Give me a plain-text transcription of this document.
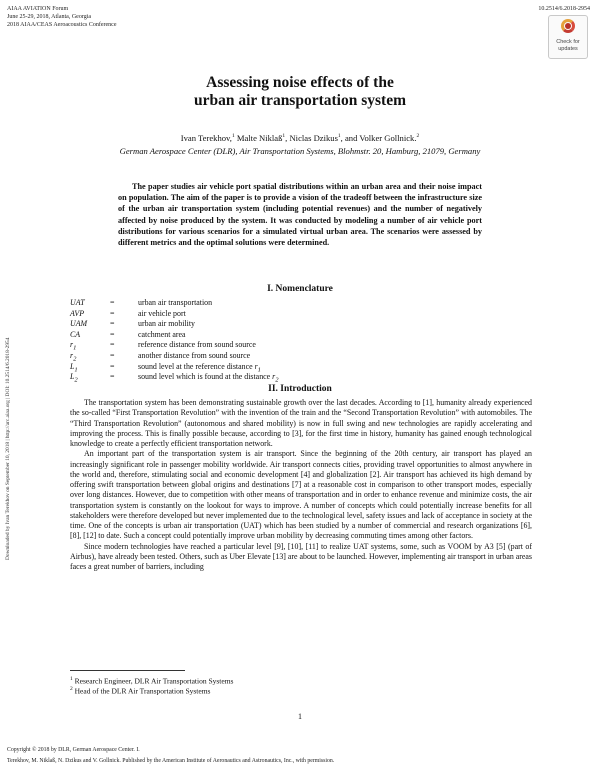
AIAA AVIATION Forum
June 25-29, 2018, Atlanta, Georgia
2018 AIAA/CEAS Aeroacoustics Conference
10.2514/6.2018-2954
Check for
updates
Downloaded by Ivan Terekhov on September 10, 2018 | http://arc.aiaa.org | DOI: 10.2514/6.2018-2954
Assessing noise effects of the
urban air transportation system
Ivan Terekhov,$^1$ Malte Niklaß$^1$, Niclas Dzikus$^1$, and Volker Gollnick.$^2$
German Aerospace Center (DLR), Air Transportation Systems, Blohmstr. 20, Hamburg, 21079, Germany
The paper studies air vehicle port spatial distributions within an urban area and their noise impact on population. The aim of the paper is to provide a vision of the tradeoff between the infrastructure size of the urban air transportation system (including potential revenues) and the number of negatively affected by noise produced by the system. It was conducted by modeling a number of air vehicle port distributions for various scenarios for a simulated virtual urban area. The scenarios were assessed by different metrics and the optimal solutions were determined.
I. Nomenclature
UAT	=	urban air transportation
AVP	=	air vehicle port
UAM	=	urban air mobility
CA	=	catchment area
$r_1$	=	reference distance from sound source
$r_2$	=	another distance from sound source
$L_1$	=	sound level at the reference distance $r_1$
$L_2$	=	sound level which is found at the distance $r_2$
II. Introduction

The transportation system has been demonstrating sustainable growth over the last decades. According to [1], humanity already experienced the so-called “First Transportation Revolution” with the invention of the train and the “Second Transportation Revolution” with automobiles. The “Third Transportation Revolution” (autonomous and shared mobility) is now in full swing and new technologies are rapidly accelerating and improving the process. This is finally possible because, according to [3], for the first time in history, humanity has gained enough technological knowledge to create a perfectly efficient transportation network.

An important part of the transportation system is air transport. Since the beginning of the 20th century, air transport has played an increasingly significant role in passenger mobility worldwide. Air transport connects cities, providing travel opportunities to almost anywhere in the world and, therefore, stimulating social and economic development [4] and globalization [2]. Air transport has achieved its high demand by offering swift transportation between global origins and destinations [7] at a reasonable cost in comparison to other transport modes, especially over long distances. However, due to competition with other means of transportation and in order to enhance revenue and minimize costs, the air transportation system is constantly on the lookout for ways to improve. A number of concepts which could potentially increase benefits for all stakeholders were therefore developed but never implemented due to the technological level, safety issues and lack of acceptance in society at the time. One of the concepts is urban air transportation (UAT) which has been studied by a number of commercial and research organizations [6], [8], [12] to date. Such a concept could potentially improve urban mobility by decreasing commuting times among other factors.

Since modern technologies have reached a particular level [9], [10], [11] to realize UAT systems, some, such as VOOM by A3 [5] (part of Airbus), have already been tested. Others, such as Uber Elevate [13] are about to be launched. However, implementing air transport in urban areas faces a great number of barriers, including

$^1$ Research Engineer, DLR Air Transportation Systems
$^2$ Head of the DLR Air Transportation Systems
1
Copyright © 2018 by DLR, German Aerospace Center. I.
Terekhov, M. Niklaß, N. Dzikus and V. Gollnick. Published by the American Institute of Aeronautics and Astronautics, Inc., with permission.
